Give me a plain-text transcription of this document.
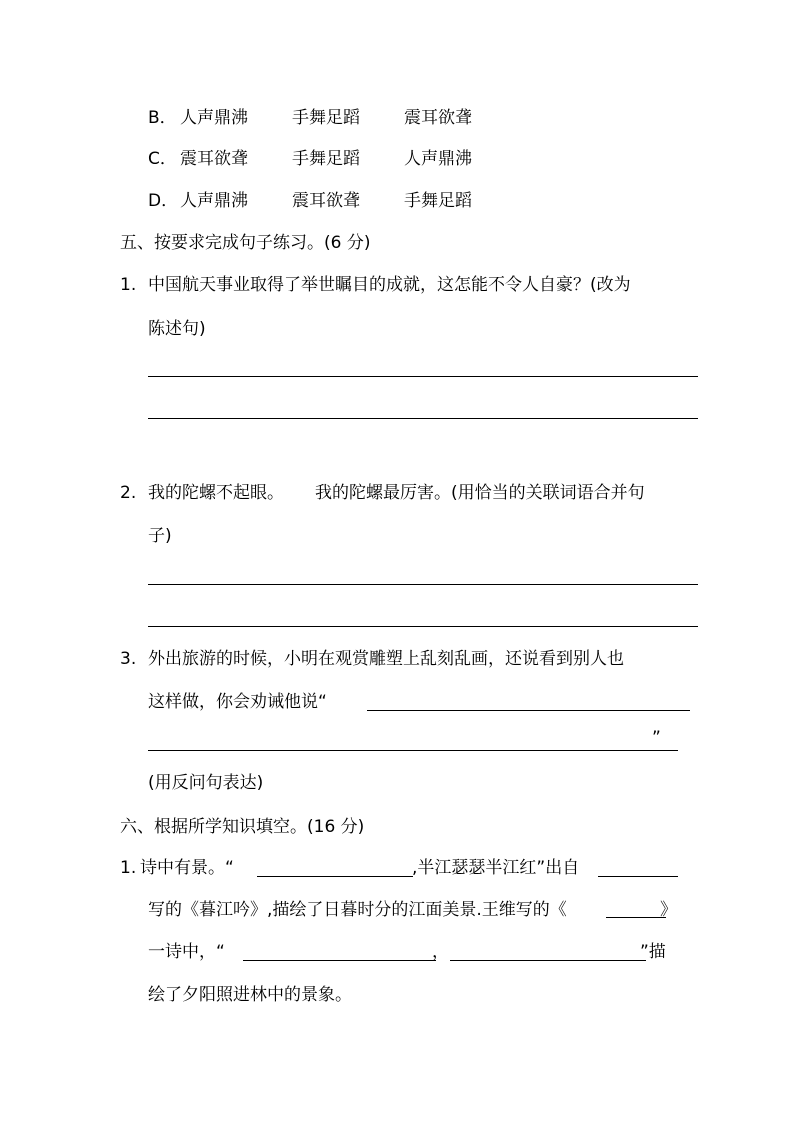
B． 人声鼎沸	手舞足蹈	震耳欲聋
C． 震耳欲聋	手舞足蹈	人声鼎沸
D． 人声鼎沸	震耳欲聋	手舞足蹈
五、按要求完成句子练习。(6 分)
1. 中国航天事业取得了举世瞩目的成就，这怎能不令人自豪？(改为
陈述句)
2. 我的陀螺不起眼。 我的陀螺最厉害。(用恰当的关联词语合并句
子)
3. 外出旅游的时候，小明在观赏雕塑上乱刻乱画，还说看到别人也
这样做，你会劝诫他说“
”
(用反问句表达)
六、根据所学知识填空。(16 分)
1. 诗中有景。“	,半江瑟瑟半江红”出自
写的《暮江吟》,描绘了日暮时分的江面美景.王维写的《	》
一诗中，“	，	”描
绘了夕阳照进林中的景象。
